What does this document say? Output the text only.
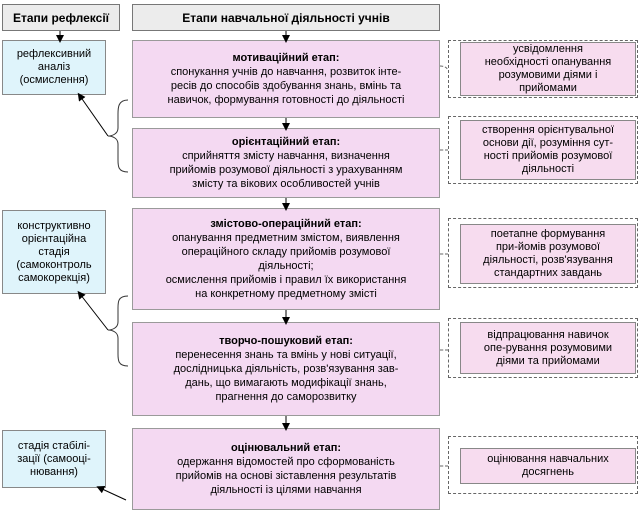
Етапи рефлексії	Етапи навчальної діяльності учнів
мотиваційний етап:
спонукання учнів до навчання, розвиток інте-
ресів до способів здобування знань, вмінь та
навичок, формування готовності до діяльності
орієнтаційний етап:
сприйняття змісту навчання, визначення
прийомів розумової діяльності з урахуванням
змісту та вікових особливостей учнів
змістово-операційний етап:
опанування предметним змістом, виявлення
операційного складу прийомів розумової
діяльності;
осмислення прийомів і правил їх використання
на конкретному предметному змісті
творчо-пошуковий етап:
перенесення знань та вмінь у нові ситуації,
дослідницька діяльність, розв'язування зав-
дань, що вимагають модифікації знань,
прагнення до саморозвитку
оцінювальний етап:
одержання відомостей про сформованість
прийомів на основі зіставлення результатів
діяльності із цілями навчання
рефлексивний
аналіз
(осмислення)
конструктивно
орієнтаційна
стадія
(самоконтроль
самокорекція)
стадія стабілі-
зації (самооці-
нювання)
усвідомлення
необхідності опанування
розумовими діями і
прийомами
створення орієнтувальної
основи дії, розуміння сут-
ності прийомів розумової
діяльності
поетапне формування
при-йомів розумової
діяльності, розв'язування
стандартних завдань
відпрацювання навичок
опе-рування розумовими
діями та прийомами
оцінювання навчальних
досягнень
